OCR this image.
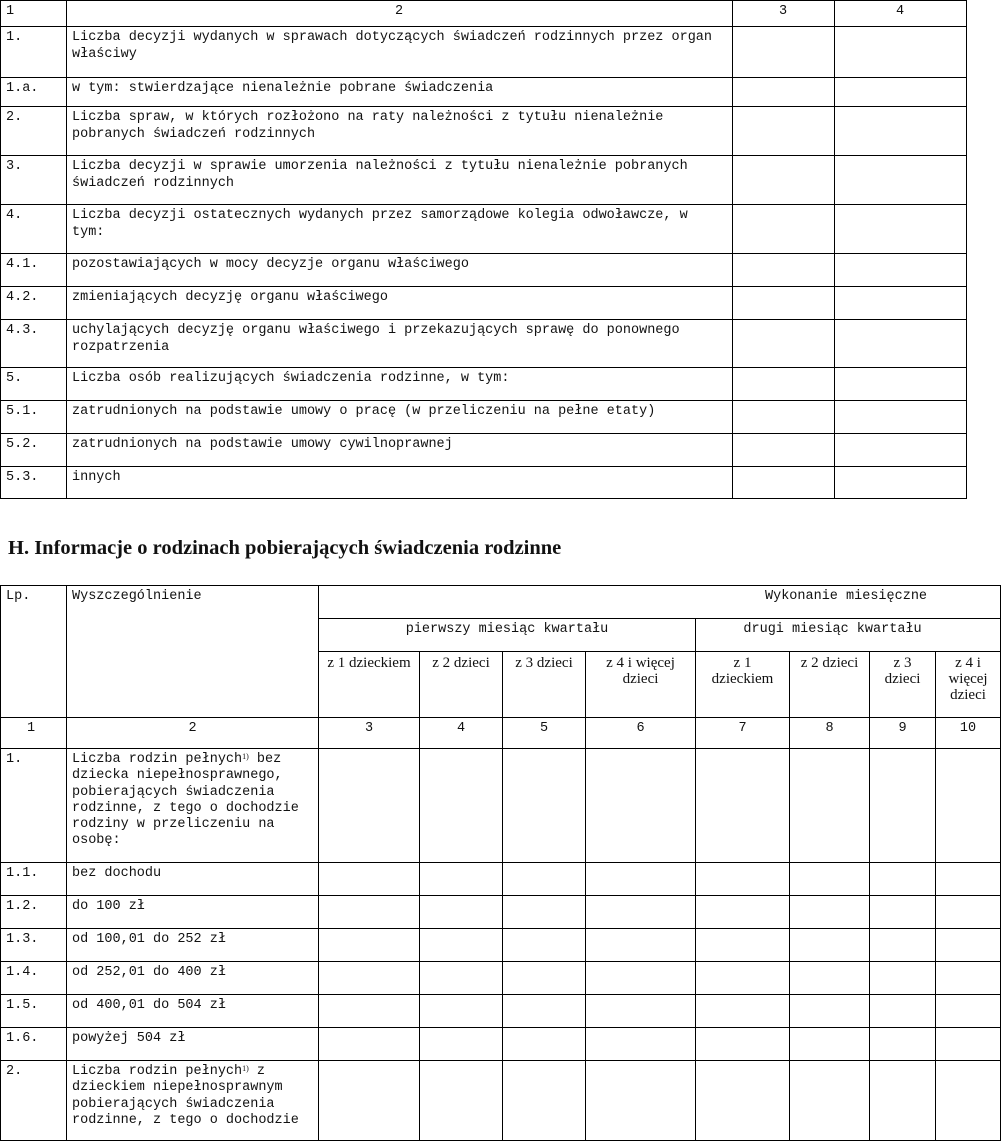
1	2	3	4
1.	Liczba decyzji wydanych w sprawach dotyczących świadczeń rodzinnych przez organ właściwy		
1.a.	w tym: stwierdzające nienależnie pobrane świadczenia		
2.	Liczba spraw, w których rozłożono na raty należności z tytułu nienależnie pobranych świadczeń rodzinnych		
3.	Liczba decyzji w sprawie umorzenia należności z tytułu nienależnie pobranych świadczeń rodzinnych		
4.	Liczba decyzji ostatecznych wydanych przez samorządowe kolegia odwoławcze, w tym:		
4.1.	pozostawiających w mocy decyzje organu właściwego		
4.2.	zmieniających decyzję organu właściwego		
4.3.	uchylających decyzję organu właściwego i przekazujących sprawę do ponownego rozpatrzenia		
5.	Liczba osób realizujących świadczenia rodzinne, w tym:		
5.1.	zatrudnionych na podstawie umowy o pracę (w przeliczeniu na pełne etaty)		
5.2.	zatrudnionych na podstawie umowy cywilnoprawnej		
5.3.	innych		
H. Informacje o rodzinach pobierających świadczenia rodzinne
Lp.	Wyszczególnienie	Wykonanie miesięczne							
		pierwszy miesiąc kwartału				drugi miesiąc kwartału			
		z 1 dzieckiem	z 2 dzieci	z 3 dzieci	z 4 i więcej dzieci	z 1 dzieckiem	z 2 dzieci	z 3 dzieci	z 4 i więcej dzieci
1	2	3	4	5	6	7	8	9	10
1.	Liczba rodzin pełnych$^{1)}$ bez dziecka niepełnosprawnego, pobierających świadczenia rodzinne, z tego o dochodzie rodziny w przeliczeniu na osobę:								
1.1.	bez dochodu								
1.2.	do 100 zł								
1.3.	od 100,01 do 252 zł								
1.4.	od 252,01 do 400 zł								
1.5.	od 400,01 do 504 zł								
1.6.	powyżej 504 zł								
2.	Liczba rodzin pełnych$^{1)}$ z dzieckiem niepełnosprawnym pobierających świadczenia rodzinne, z tego o dochodzie								
